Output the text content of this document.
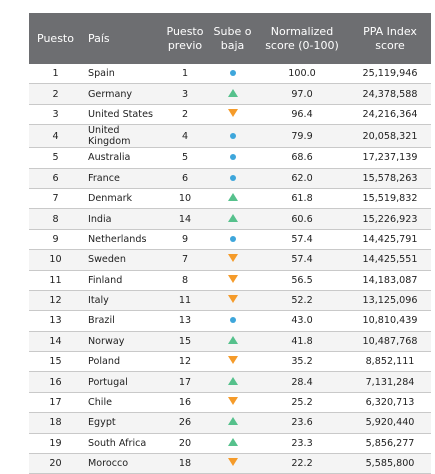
Puesto	País	Puesto previo	Sube o baja	Normalized score (0-100)	PPA Index score
1	Spain	1		100.0	25,119,946
2	Germany	3		97.0	24,378,588
3	United States	2		96.4	24,216,364
4	United Kingdom	4		79.9	20,058,321
5	Australia	5		68.6	17,237,139
6	France	6		62.0	15,578,263
7	Denmark	10		61.8	15,519,832
8	India	14		60.6	15,226,923
9	Netherlands	9		57.4	14,425,791
10	Sweden	7		57.4	14,425,551
11	Finland	8		56.5	14,183,087
12	Italy	11		52.2	13,125,096
13	Brazil	13		43.0	10,810,439
14	Norway	15		41.8	10,487,768
15	Poland	12		35.2	8,852,111
16	Portugal	17		28.4	7,131,284
17	Chile	16		25.2	6,320,713
18	Egypt	26		23.6	5,920,440
19	South Africa	20		23.3	5,856,277
20	Morocco	18		22.2	5,585,800
